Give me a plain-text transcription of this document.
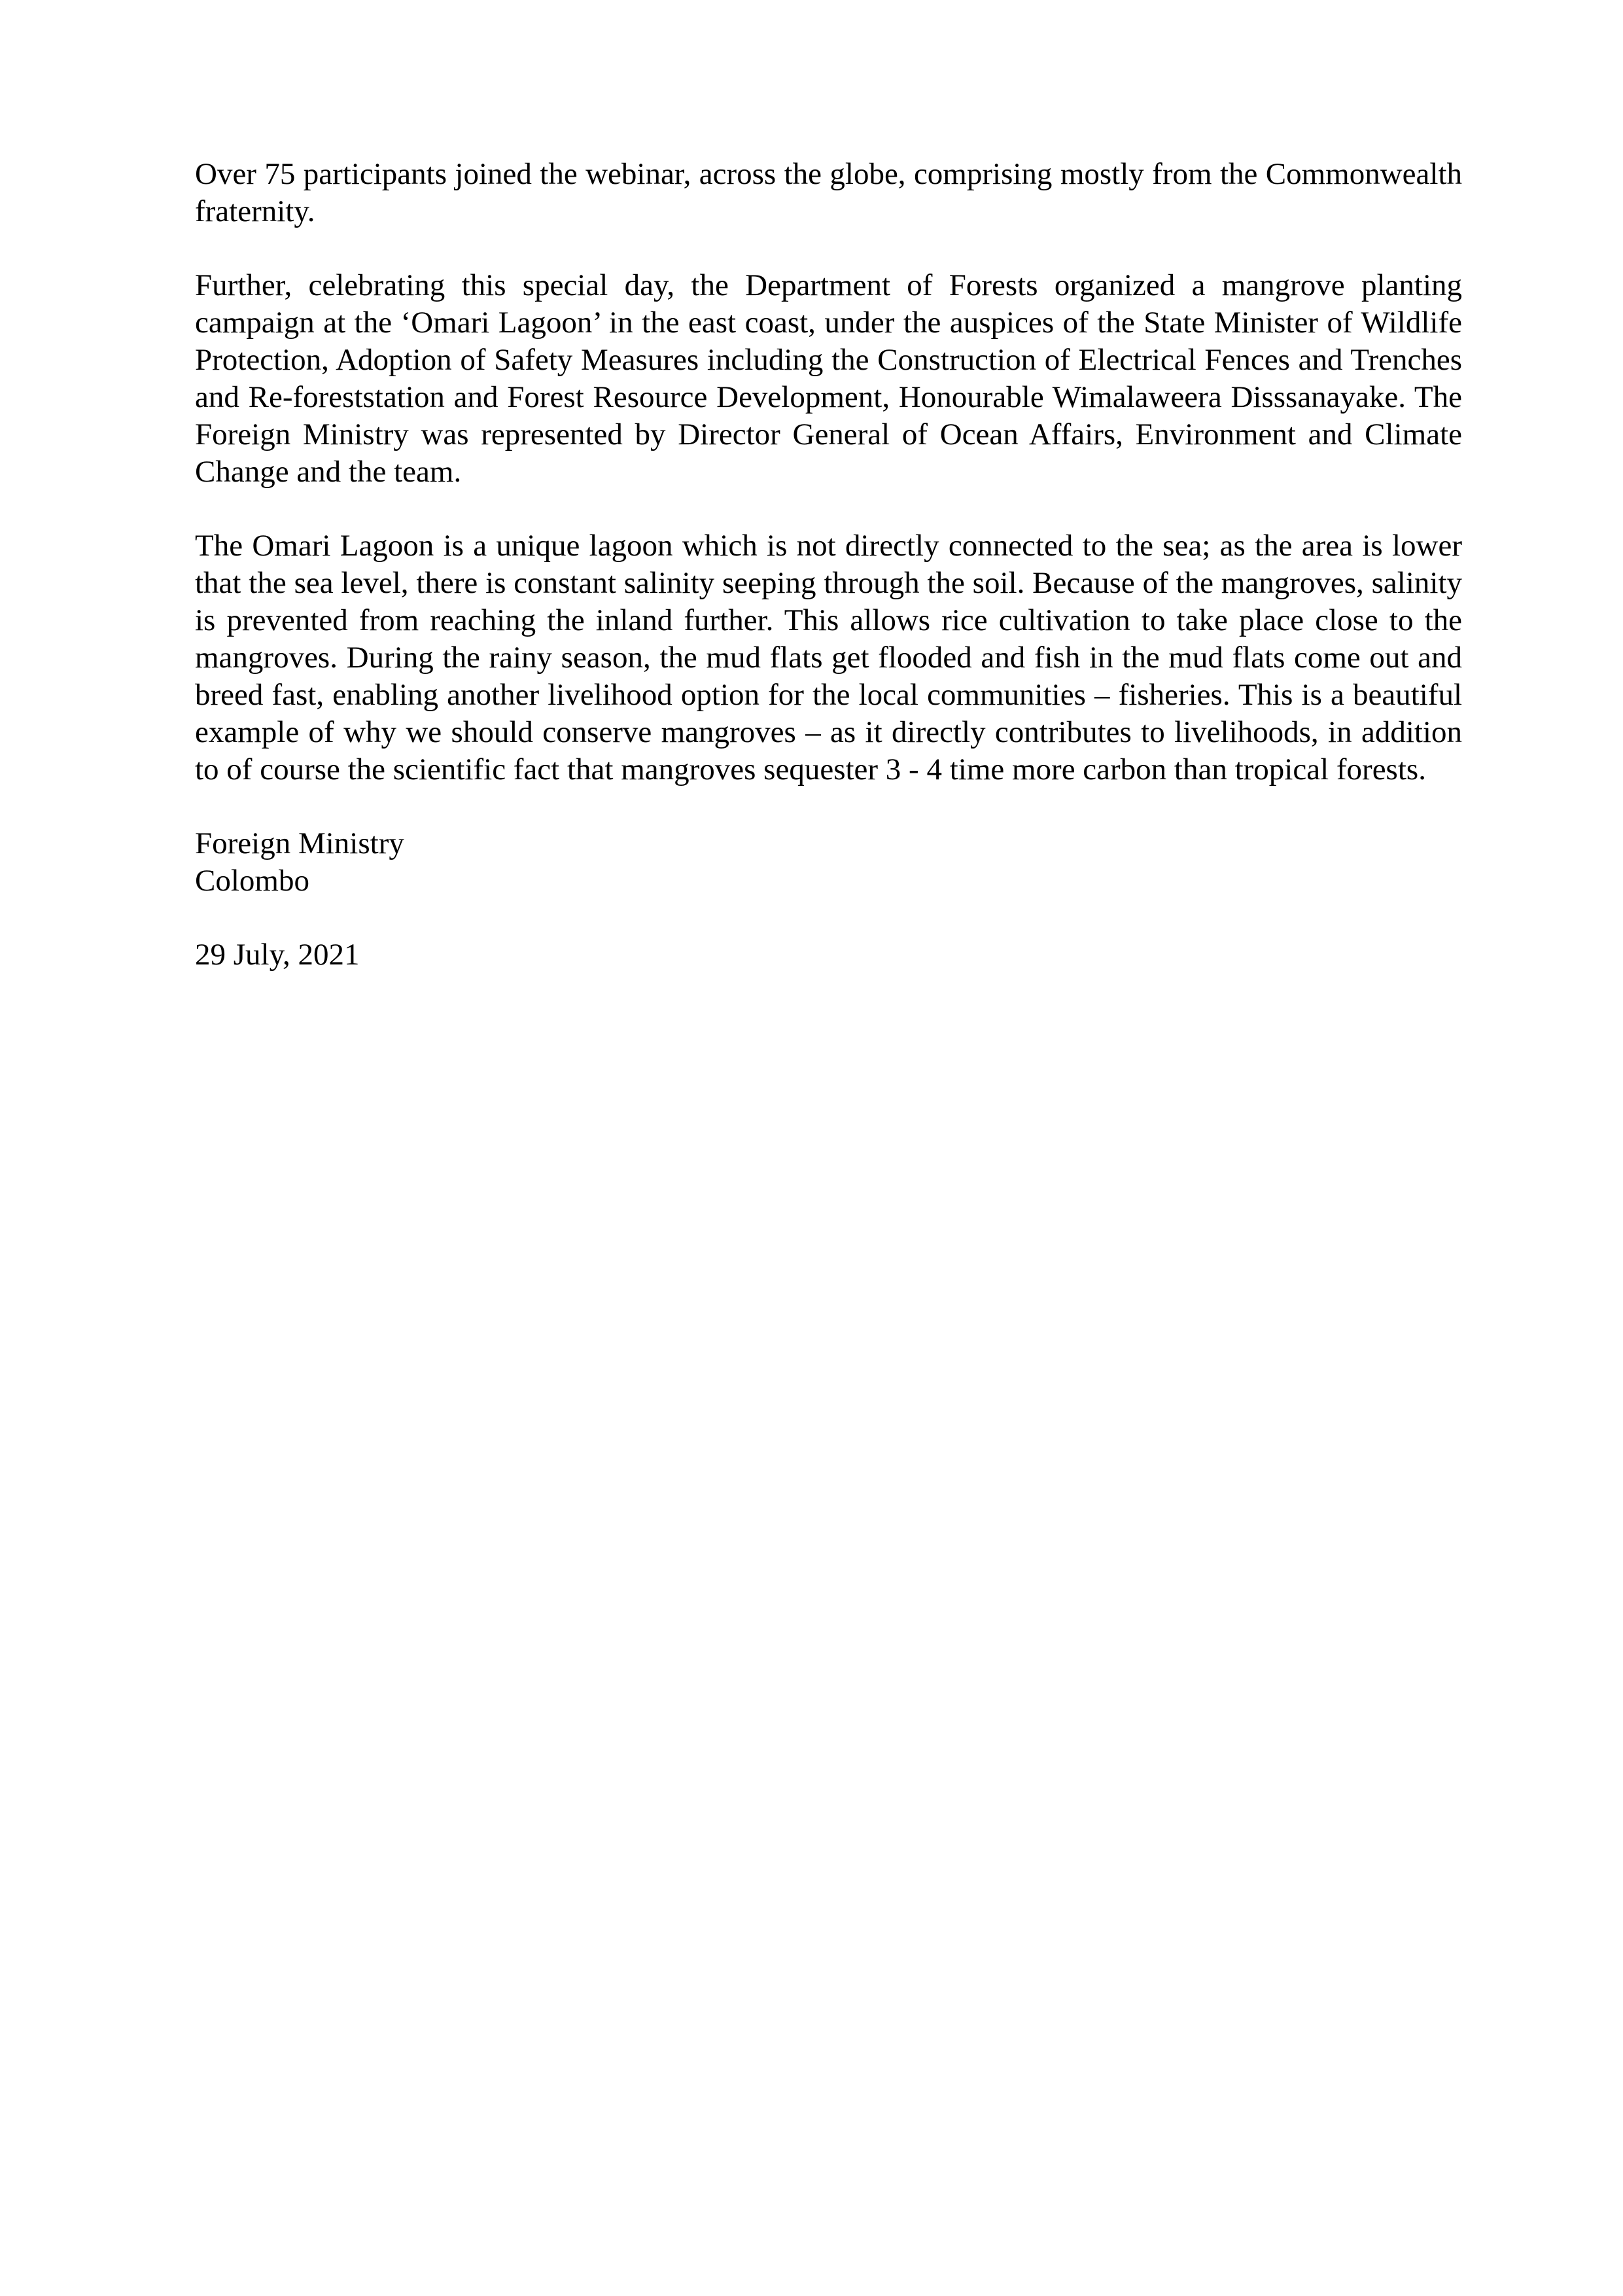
Over 75 participants joined the webinar, across the globe, comprising mostly from the Commonwealth fraternity.

Further, celebrating this special day, the Department of Forests organized a mangrove planting campaign at the ‘Omari Lagoon’ in the east coast, under the auspices of the State Minister of Wildlife Protection, Adoption of Safety Measures including the Construction of Electrical Fences and Trenches and Re-foreststation and Forest Resource Development, Honourable Wimalaweera Disssanayake. The Foreign Ministry was represented by Director General of Ocean Affairs, Environment and Climate Change and the team.

The Omari Lagoon is a unique lagoon which is not directly connected to the sea; as the area is lower that the sea level, there is constant salinity seeping through the soil. Because of the mangroves, salinity is prevented from reaching the inland further. This allows rice cultivation to take place close to the mangroves. During the rainy season, the mud flats get flooded and fish in the mud flats come out and breed fast, enabling another livelihood option for the local communities – fisheries. This is a beautiful example of why we should conserve mangroves – as it directly contributes to livelihoods, in addition to of course the scientific fact that mangroves sequester 3 - 4 time more carbon than tropical forests.

Foreign Ministry
Colombo
29 July, 2021
